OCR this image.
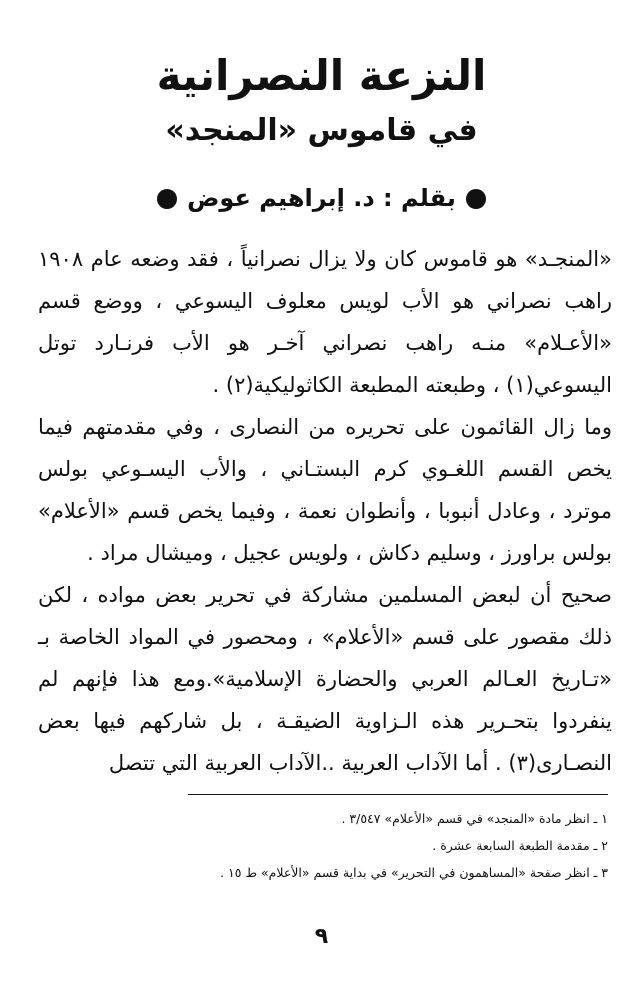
النزعة النصرانية
في قاموس «المنجد»
بقلم : د. إبراهيم عوض

«المنجـد» هو قاموس كان ولا يزال نصرانياً ، فقد وضعه عام ١٩٠٨ راهب نصراني هو الأب لويس معلوف اليسوعي ، ووضع قسم «الأعـلام» منـه راهب نصراني آخـر هو الأب فرنـارد توتل اليسوعي(١) ، وطبعته المطبعة الكاثوليكية(٢) .

وما زال القائمون على تحريره من النصارى ، وفي مقدمتهم فيما يخص القسم اللغـوي كرم البستـاني ، والأب اليسـوعي بولس موترد ، وعادل أنبوبا ، وأنطوان نعمة ، وفيما يخص قسم «الأعلام» بولس براورز ، وسليم دكاش ، ولويس عجيل ، وميشال مراد .

صحيح أن لبعض المسلمين مشاركة في تحرير بعض مواده ، لكن ذلك مقصور على قسم «الأعلام» ، ومحصور في المواد الخاصة بـ «تـاريخ العـالم العربي والحضارة الإسلامية».ومع هذا فإنهم لم ينفردوا بتحـرير هذه الـزاوية الضيقـة ، بل شاركهم فيها بعض النصـارى(٣) . أما الآداب العربية ..الآداب العربية التي تتصل

١ ـ انظر مادة «المنجد» في قسم «الأعلام» ٣/٥٤٧ .
٢ ـ مقدمة الطبعة السابعة عشرة .
٣ ـ انظر صفحة «المساهمون في التحرير» في بداية قسم «الأعلام» ط ١٥ .
٩
